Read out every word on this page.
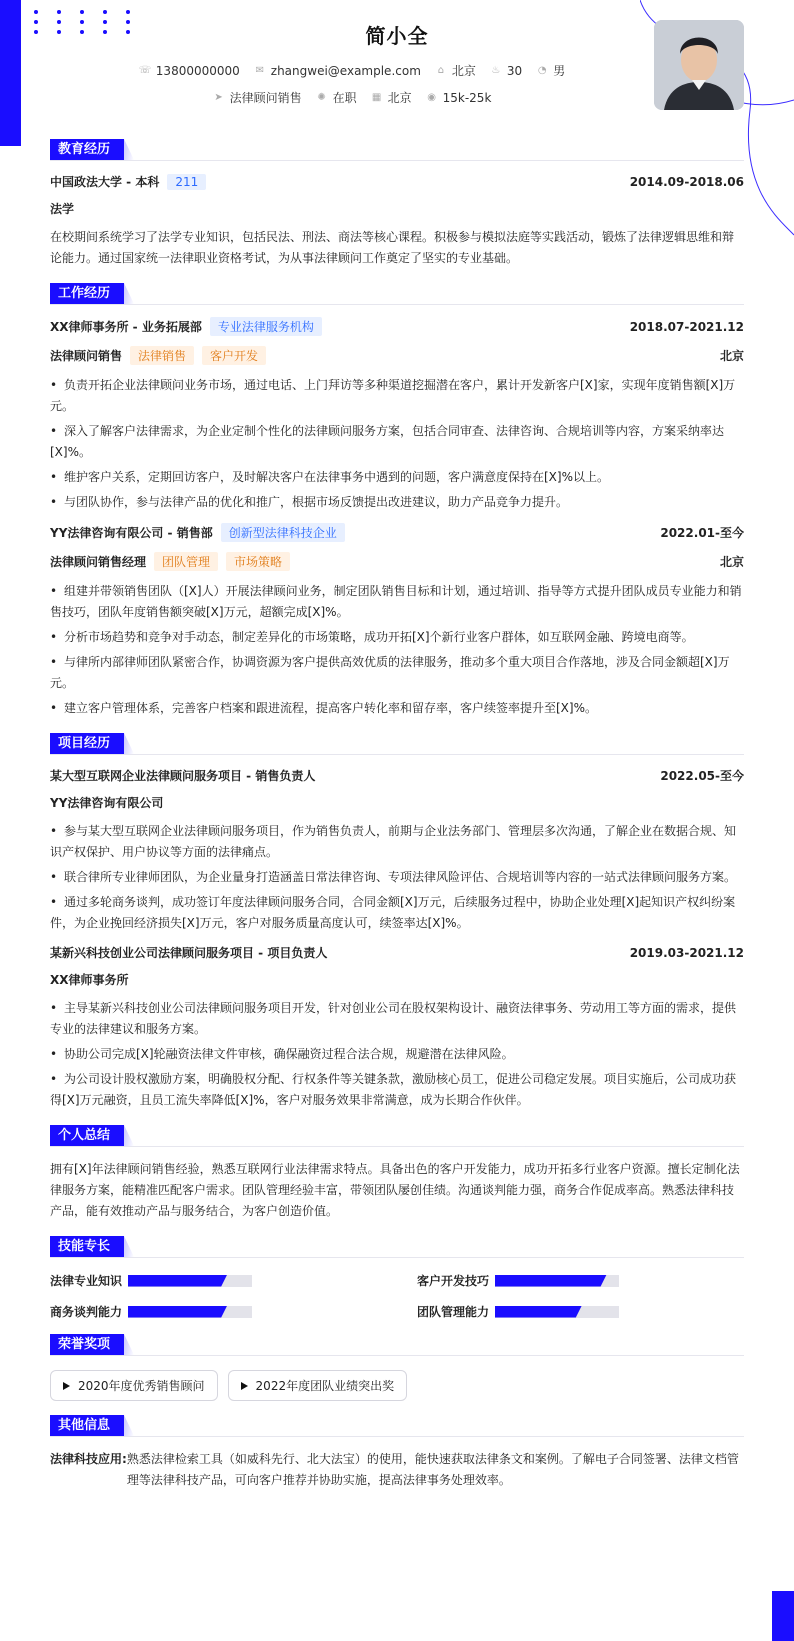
简小全
☏ 13800000000 ✉ zhangwei@example.com ⌂ 北京 ♨ 30 ◔ 男
➤ 法律顾问销售 ✺ 在职 ▦ 北京 ◉ 15k-25k
教育经历
中国政法大学 - 本科	211	2014.09-2018.06
法学
在校期间系统学习了法学专业知识，包括民法、刑法、商法等核心课程。积极参与模拟法庭等实践活动，锻炼了法律逻辑思维和辩论能力。通过国家统一法律职业资格考试，为从事法律顾问工作奠定了坚实的专业基础。
工作经历
XX律师事务所 - 业务拓展部	专业法律服务机构	2018.07-2021.12
法律顾问销售	法律销售	客户开发	北京
• 负责开拓企业法律顾问业务市场，通过电话、上门拜访等多种渠道挖掘潜在客户，累计开发新客户[X]家，实现年度销售额[X]万元。
• 深入了解客户法律需求，为企业定制个性化的法律顾问服务方案，包括合同审查、法律咨询、合规培训等内容，方案采纳率达[X]%。
• 维护客户关系，定期回访客户，及时解决客户在法律事务中遇到的问题，客户满意度保持在[X]%以上。
• 与团队协作，参与法律产品的优化和推广，根据市场反馈提出改进建议，助力产品竞争力提升。
YY法律咨询有限公司 - 销售部	创新型法律科技企业	2022.01-至今
法律顾问销售经理	团队管理	市场策略	北京
• 组建并带领销售团队（[X]人）开展法律顾问业务，制定团队销售目标和计划，通过培训、指导等方式提升团队成员专业能力和销售技巧，团队年度销售额突破[X]万元，超额完成[X]%。
• 分析市场趋势和竞争对手动态，制定差异化的市场策略，成功开拓[X]个新行业客户群体，如互联网金融、跨境电商等。
• 与律所内部律师团队紧密合作，协调资源为客户提供高效优质的法律服务，推动多个重大项目合作落地，涉及合同金额超[X]万元。
• 建立客户管理体系，完善客户档案和跟进流程，提高客户转化率和留存率，客户续签率提升至[X]%。
项目经历
某大型互联网企业法律顾问服务项目 - 销售负责人	2022.05-至今
YY法律咨询有限公司
• 参与某大型互联网企业法律顾问服务项目，作为销售负责人，前期与企业法务部门、管理层多次沟通，了解企业在数据合规、知识产权保护、用户协议等方面的法律痛点。
• 联合律所专业律师团队，为企业量身打造涵盖日常法律咨询、专项法律风险评估、合规培训等内容的一站式法律顾问服务方案。
• 通过多轮商务谈判，成功签订年度法律顾问服务合同，合同金额[X]万元，后续服务过程中，协助企业处理[X]起知识产权纠纷案件，为企业挽回经济损失[X]万元，客户对服务质量高度认可，续签率达[X]%。
某新兴科技创业公司法律顾问服务项目 - 项目负责人	2019.03-2021.12
XX律师事务所
• 主导某新兴科技创业公司法律顾问服务项目开发，针对创业公司在股权架构设计、融资法律事务、劳动用工等方面的需求，提供专业的法律建议和服务方案。
• 协助公司完成[X]轮融资法律文件审核，确保融资过程合法合规，规避潜在法律风险。
• 为公司设计股权激励方案，明确股权分配、行权条件等关键条款，激励核心员工，促进公司稳定发展。项目实施后，公司成功获得[X]万元融资，且员工流失率降低[X]%，客户对服务效果非常满意，成为长期合作伙伴。
个人总结
拥有[X]年法律顾问销售经验，熟悉互联网行业法律需求特点。具备出色的客户开发能力，成功开拓多行业客户资源。擅长定制化法律服务方案，能精准匹配客户需求。团队管理经验丰富，带领团队屡创佳绩。沟通谈判能力强，商务合作促成率高。熟悉法律科技产品，能有效推动产品与服务结合，为客户创造价值。
技能专长
法律专业知识	客户开发技巧
商务谈判能力	团队管理能力
荣誉奖项
2020年度优秀销售顾问	2022年度团队业绩突出奖
其他信息
法律科技应用: 熟悉法律检索工具（如威科先行、北大法宝）的使用，能快速获取法律条文和案例。了解电子合同签署、法律文档管理等法律科技产品，可向客户推荐并协助实施，提高法律事务处理效率。
